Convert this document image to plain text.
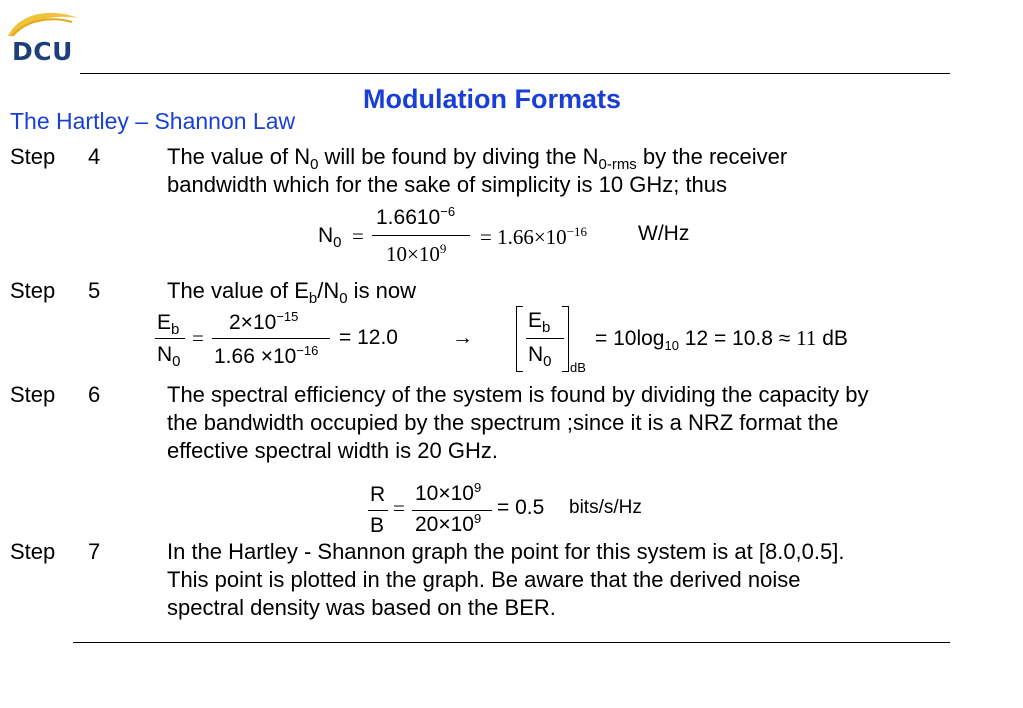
DCU
Modulation Formats
The Hartley – Shannon Law
Step 4	The value of $N_0$ will be found by diving the $N_{0-rms}$ by the receiver
bandwidth which for the sake of simplicity is 10 GHz; thus
$N_0$ =
$1.6610^{-6}$
$10\times 10^9 = 1.66\times 10^{-16}$ W/Hz
Step 5	The value of $E_b/N_0$ is now
$E_b$
$N_0$
=
$2\times 10^{-15}$
$1.66 \times 10^{-16}$
= 12.0	→
$E_b$
$N_0$ dB
= $10\log_{10}$ 12 = 10.8 ≈ 11 dB
Step 6	The spectral efficiency of the system is found by dividing the capacity by
the bandwidth occupied by the spectrum ;since it is a NRZ format the
effective spectral width is 20 GHz.
R
B
=
$10\times 10^9$
$20\times 10^9 = 0.5$ bits/s/Hz
Step 7	In the Hartley - Shannon graph the point for this system is at [8.0,0.5].
This point is plotted in the graph. Be aware that the derived noise
spectral density was based on the BER.
